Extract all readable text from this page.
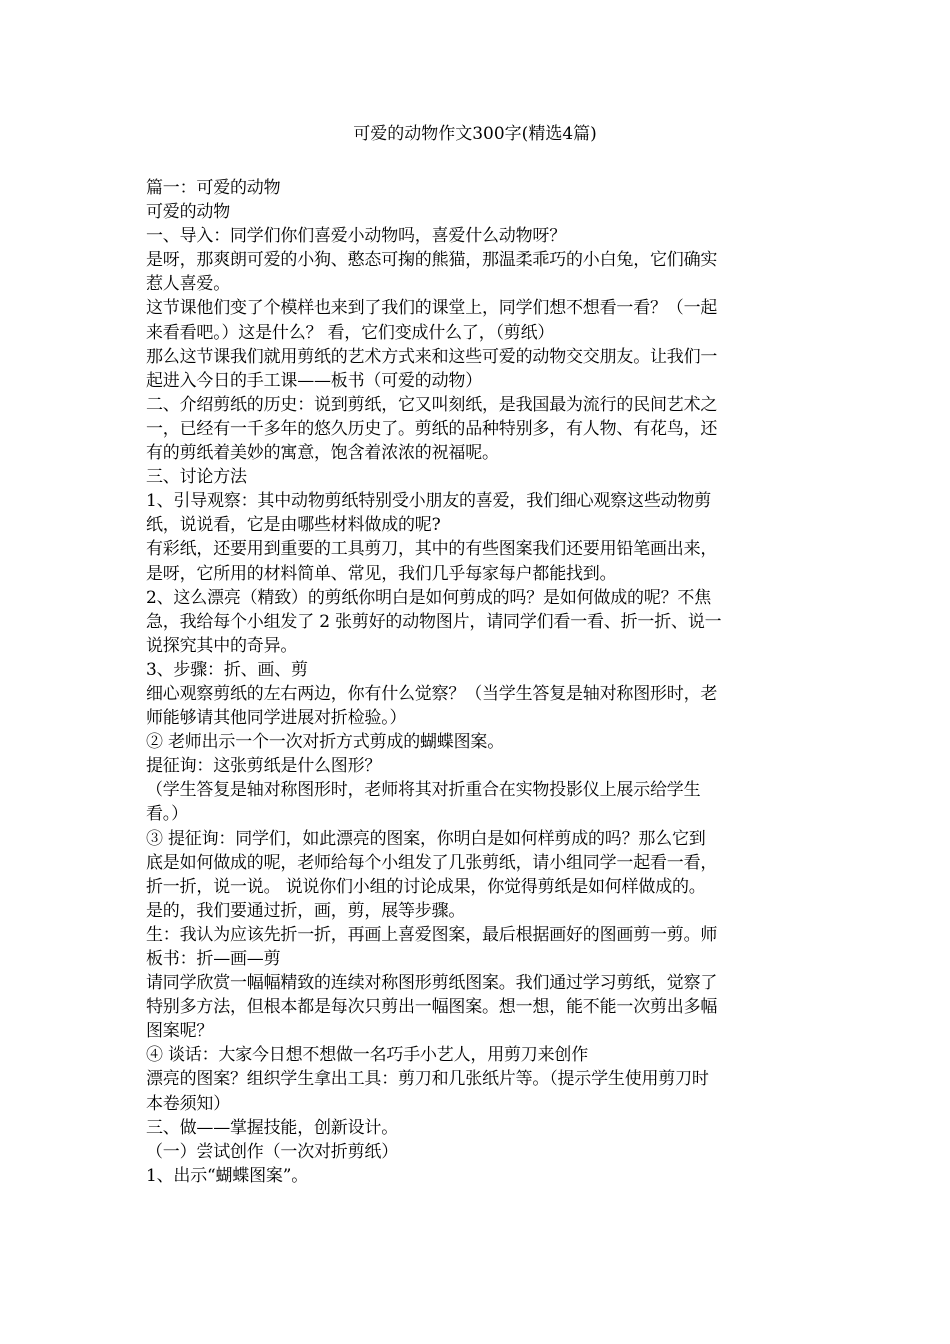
可爱的动物作文300字(精选4篇)

篇一：可爱的动物

可爱的动物

一、导入：同学们你们喜爱小动物吗，喜爱什么动物呀？

是呀，那爽朗可爱的小狗、憨态可掬的熊猫，那温柔乖巧的小白兔，它们确实

惹人喜爱。

这节课他们变了个模样也来到了我们的课堂上，同学们想不想看一看？（一起

来看看吧。）这是什么？ 看，它们变成什么了，（剪纸）

那么这节课我们就用剪纸的艺术方式来和这些可爱的动物交交朋友。让我们一

起进入今日的手工课——板书（可爱的动物）

二、介绍剪纸的历史：说到剪纸，它又叫刻纸，是我国最为流行的民间艺术之

一，已经有一千多年的悠久历史了。剪纸的品种特别多，有人物、有花鸟，还

有的剪纸着美妙的寓意，饱含着浓浓的祝福呢。

三、讨论方法

1、引导观察：其中动物剪纸特别受小朋友的喜爱，我们细心观察这些动物剪

纸，说说看，它是由哪些材料做成的呢?

有彩纸，还要用到重要的工具剪刀，其中的有些图案我们还要用铅笔画出来，

是呀，它所用的材料简单、常见，我们几乎每家每户都能找到。

2、这么漂亮（精致）的剪纸你明白是如何剪成的吗？是如何做成的呢？不焦

急，我给每个小组发了 2 张剪好的动物图片，请同学们看一看、折一折、说一

说探究其中的奇异。

3、步骤：折、画、剪

细心观察剪纸的左右两边，你有什么觉察？（当学生答复是轴对称图形时，老

师能够请其他同学进展对折检验。）

② 老师出示一个一次对折方式剪成的蝴蝶图案。

提征询：这张剪纸是什么图形？

（学生答复是轴对称图形时，老师将其对折重合在实物投影仪上展示给学生

看。）

③ 提征询：同学们，如此漂亮的图案，你明白是如何样剪成的吗？那么它到

底是如何做成的呢，老师给每个小组发了几张剪纸，请小组同学一起看一看，

折一折，说一说。 说说你们小组的讨论成果，你觉得剪纸是如何样做成的。

是的，我们要通过折，画，剪，展等步骤。

生：我认为应该先折一折，再画上喜爱图案，最后根据画好的图画剪一剪。师

板书：折—画—剪

请同学欣赏一幅幅精致的连续对称图形剪纸图案。我们通过学习剪纸，觉察了

特别多方法，但根本都是每次只剪出一幅图案。想一想，能不能一次剪出多幅

图案呢？

④ 谈话：大家今日想不想做一名巧手小艺人，用剪刀来创作

漂亮的图案？组织学生拿出工具：剪刀和几张纸片等。（提示学生使用剪刀时

本卷须知）

三、做——掌握技能，创新设计。

（一）尝试创作（一次对折剪纸）

1、出示“蝴蝶图案”。
